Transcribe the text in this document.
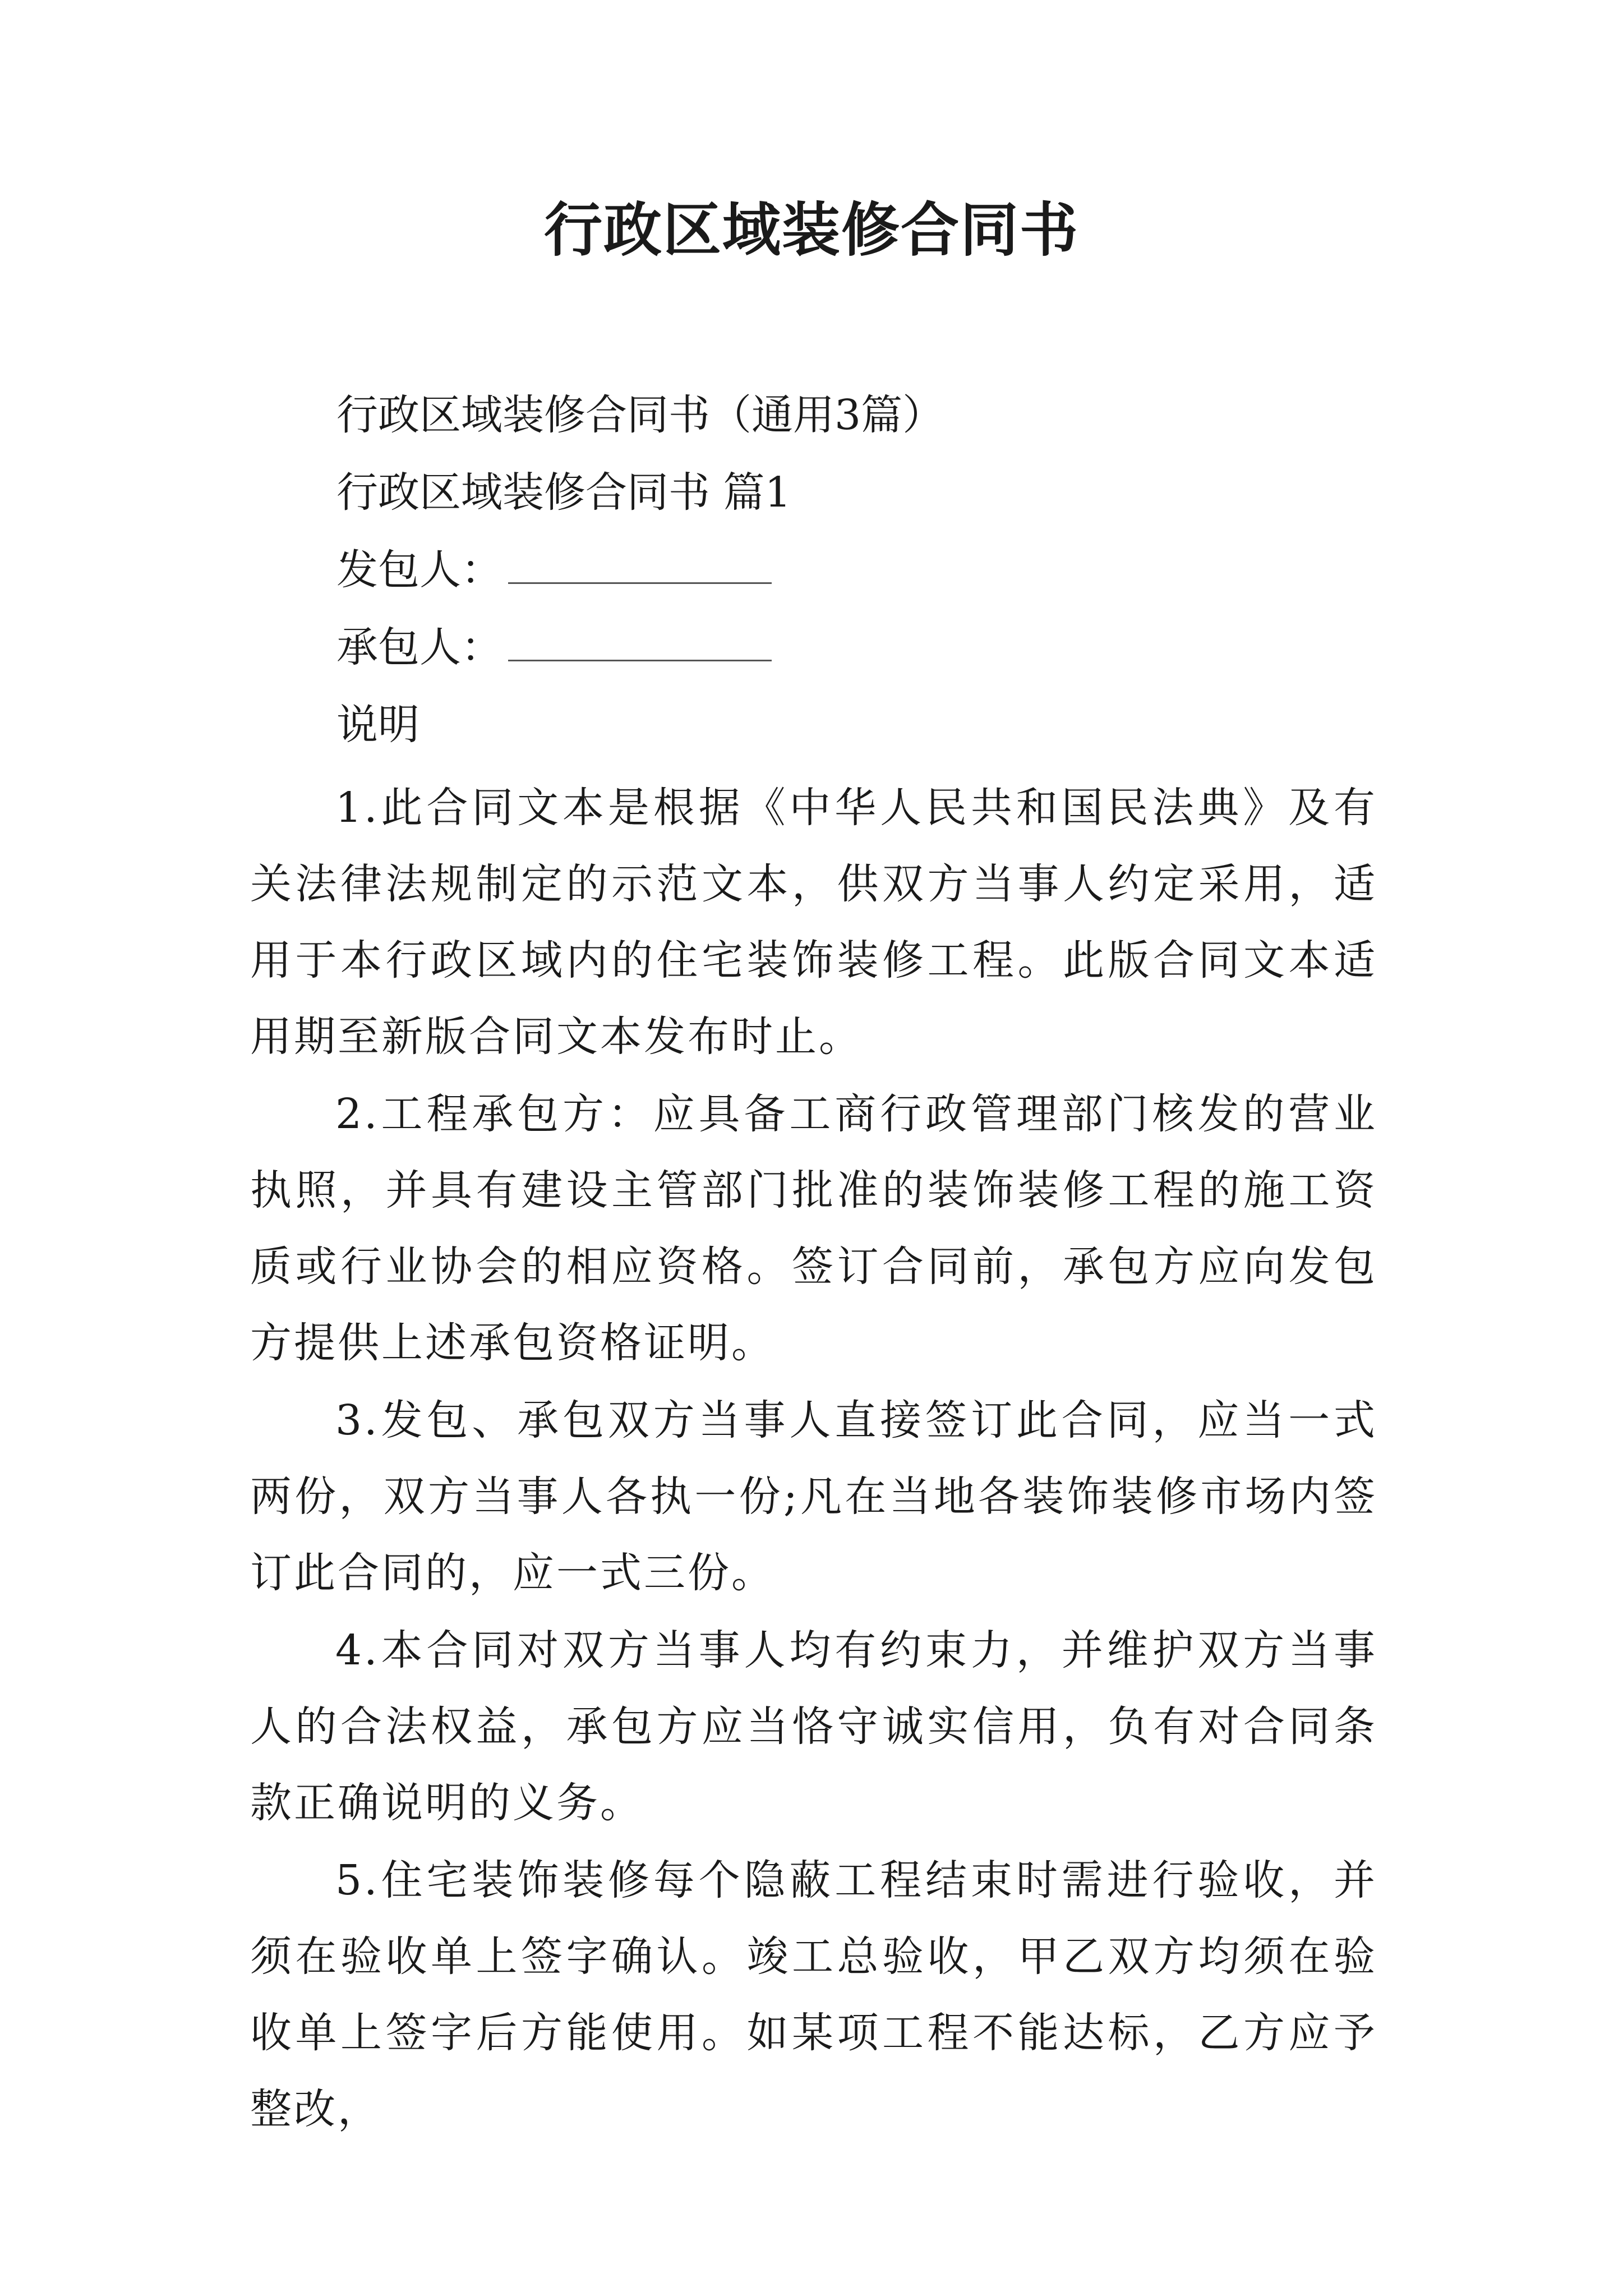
行政区域装修合同书

行政区域装修合同书（通用3篇）

行政区域装修合同书 篇1

发包人：

承包人：

说明

1.此合同文本是根据《中华人民共和国民法典》及有关法律法规制定的示范文本，供双方当事人约定采用，适用于本行政区域内的住宅装饰装修工程。此版合同文本适用期至新版合同文本发布时止。

2.工程承包方：应具备工商行政管理部门核发的营业执照，并具有建设主管部门批准的装饰装修工程的施工资质或行业协会的相应资格。签订合同前，承包方应向发包方提供上述承包资格证明。

3.发包、承包双方当事人直接签订此合同，应当一式两份，双方当事人各执一份;凡在当地各装饰装修市场内签订此合同的，应一式三份。

4.本合同对双方当事人均有约束力，并维护双方当事人的合法权益，承包方应当恪守诚实信用，负有对合同条款正确说明的义务。

5.住宅装饰装修每个隐蔽工程结束时需进行验收，并须在验收单上签字确认。竣工总验收，甲乙双方均须在验收单上签字后方能使用。如某项工程不能达标，乙方应予整改，
